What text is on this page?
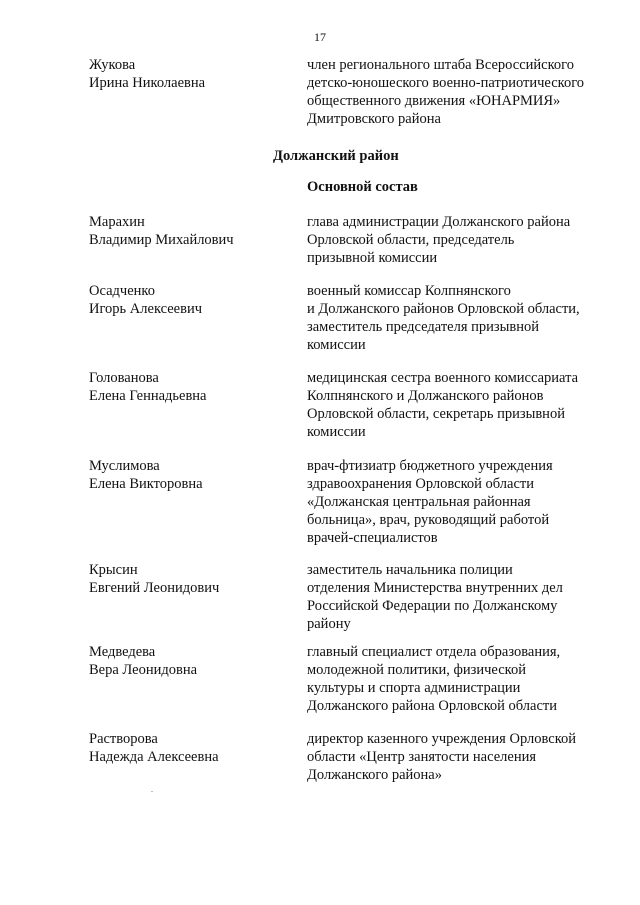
17
Жукова
Ирина Николаевна
член регионального штаба Всероссийского
детско-юношеского военно-патриотического
общественного движения «ЮНАРМИЯ»
Дмитровского района
Должанский район
Основной состав
Марахин
Владимир Михайлович
глава администрации Должанского района
Орловской области, председатель
призывной комиссии
Осадченко
Игорь Алексеевич
военный комиссар Колпнянского
и Должанского районов Орловской области,
заместитель председателя призывной
комиссии
Голованова
Елена Геннадьевна
медицинская сестра военного комиссариата
Колпнянского и Должанского районов
Орловской области, секретарь призывной
комиссии
Муслимова
Елена Викторовна
врач-фтизиатр бюджетного учреждения
здравоохранения Орловской области
«Должанская центральная районная
больница», врач, руководящий работой
врачей-специалистов
Крысин
Евгений Леонидович
заместитель начальника полиции
отделения Министерства внутренних дел
Российской Федерации по Должанскому
району
Медведева
Вера Леонидовна
главный специалист отдела образования,
молодежной политики, физической
культуры и спорта администрации
Должанского района Орловской области
Растворова
Надежда Алексеевна
директор казенного учреждения Орловской
области «Центр занятости населения
Должанского района»
